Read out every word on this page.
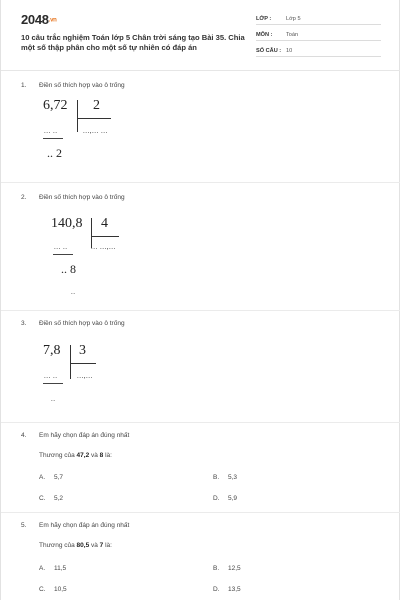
2048.vn
10 câu trắc nghiệm Toán lớp 5 Chân trời sáng tạo Bài 35. Chia một số thập phân cho một số tự nhiên có đáp án
LỚP :	Lớp 5
MÔN : Toán
SỐ CÂU : 10
1. Điền số thích hợp vào ô trống
6,72 2
... ..	...,... ...
.. 2
2. Điền số thích hợp vào ô trống
140,8 4
... ..	... ...,...
.. 8
..
3. Điền số thích hợp vào ô trống
7,8 3
... ..	...,...
..
4. Em hãy chọn đáp án đúng nhất
Thương của 47,2 và 8 là:
A. 5,7	B. 5,3
C. 5,2	D. 5,9
5. Em hãy chọn đáp án đúng nhất
Thương của 80,5 và 7 là:
A. 11,5	B. 12,5
C. 10,5	D. 13,5
